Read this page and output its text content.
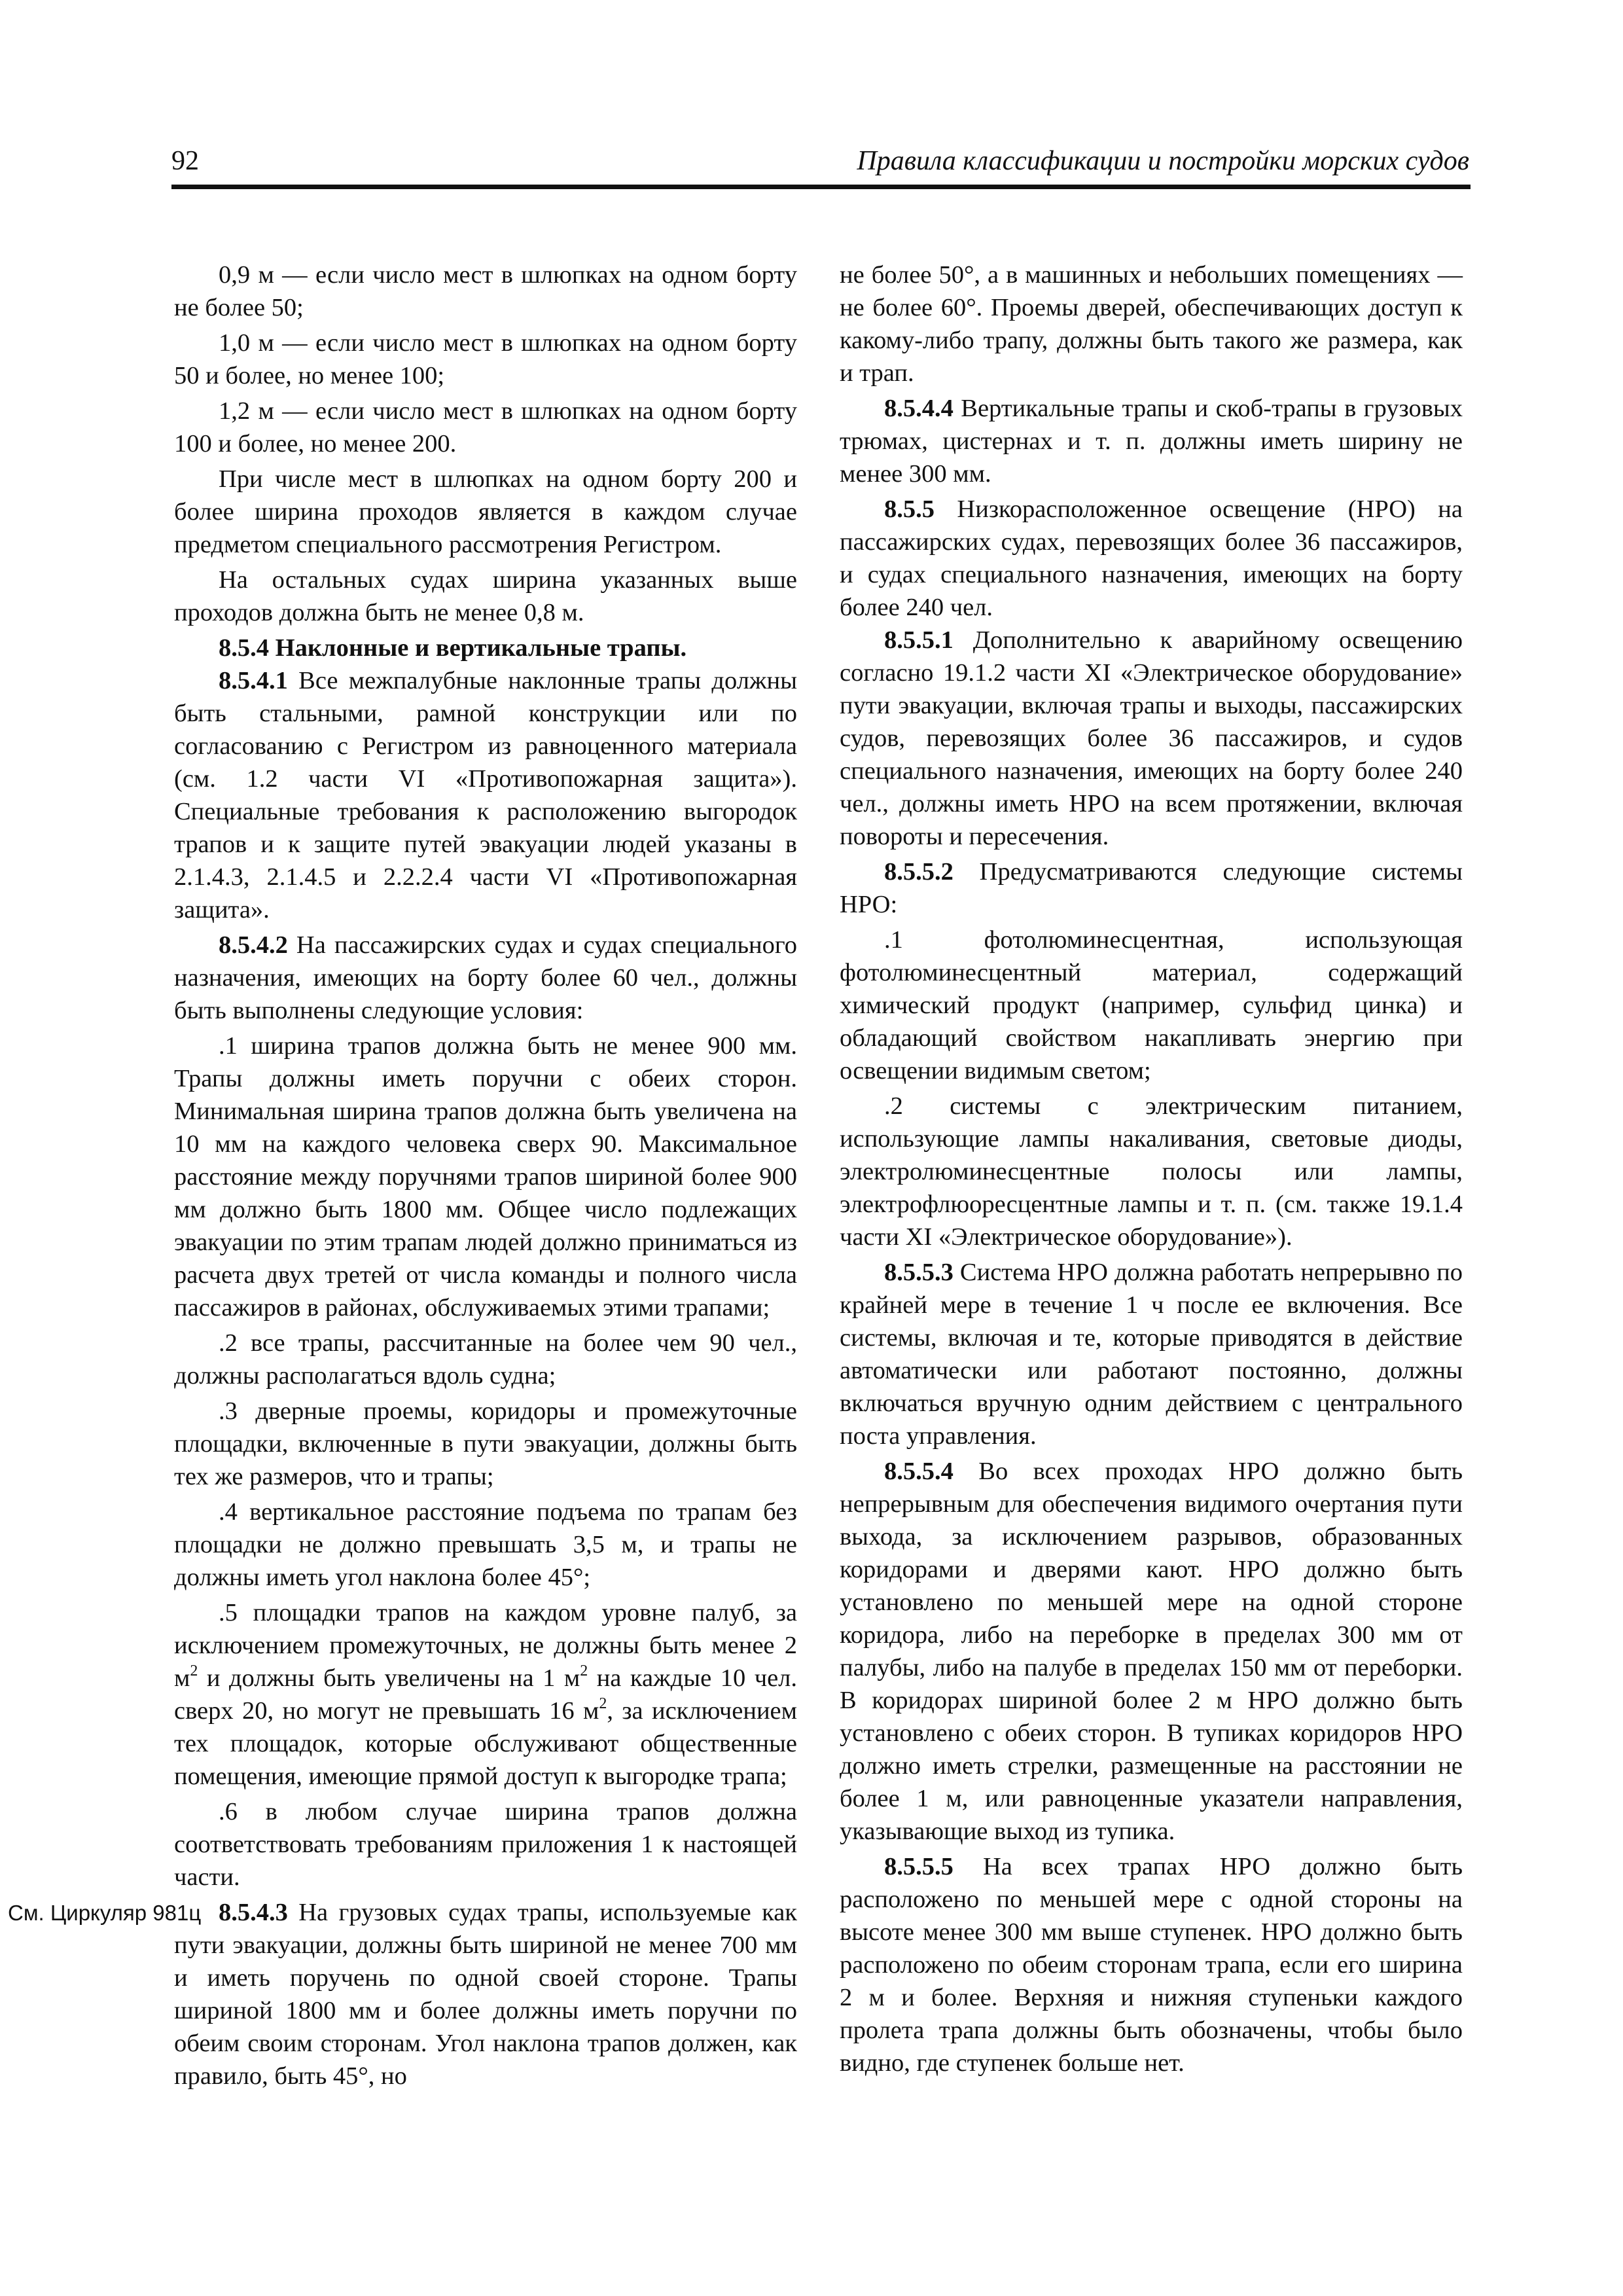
92	Правила классификации и постройки морских судов
См. Циркуляр 981ц

0,9 м — если число мест в шлюпках на одном борту не более 50;

1,0 м — если число мест в шлюпках на одном борту 50 и более, но менее 100;

1,2 м — если число мест в шлюпках на одном борту 100 и более, но менее 200.

При числе мест в шлюпках на одном борту 200 и более ширина проходов является в каждом случае предметом специального рассмотрения Регистром.

На остальных судах ширина указанных выше проходов должна быть не менее 0,8 м.

8.5.4 Наклонные и вертикальные трапы.

8.5.4.1 Все межпалубные наклонные трапы должны быть стальными, рамной конструкции или по согласованию с Регистром из равноценного материала (см. 1.2 части VI «Противопожарная защита»). Специальные требования к расположению выгородок трапов и к защите путей эвакуации людей указаны в 2.1.4.3, 2.1.4.5 и 2.2.2.4 части VI «Противопожарная защита».

8.5.4.2 На пассажирских судах и судах специального назначения, имеющих на борту более 60 чел., должны быть выполнены следующие условия:

.1 ширина трапов должна быть не менее 900 мм. Трапы должны иметь поручни с обеих сторон. Минимальная ширина трапов должна быть увеличена на 10 мм на каждого человека сверх 90. Максимальное расстояние между поручнями трапов шириной более 900 мм должно быть 1800 мм. Общее число подлежащих эвакуации по этим трапам людей должно приниматься из расчета двух третей от числа команды и полного числа пассажиров в районах, обслуживаемых этими трапами;

.2 все трапы, рассчитанные на более чем 90 чел., должны располагаться вдоль судна;

.3 дверные проемы, коридоры и промежуточные площадки, включенные в пути эвакуации, должны быть тех же размеров, что и трапы;

.4 вертикальное расстояние подъема по трапам без площадки не должно превышать 3,5 м, и трапы не должны иметь угол наклона более 45°;

.5 площадки трапов на каждом уровне палуб, за исключением промежуточных, не должны быть менее 2 $м^2$ и должны быть увеличены на 1 $м^2$ на каждые 10 чел. сверх 20, но могут не превышать 16 $м^2$, за исключением тех площадок, которые обслуживают общественные помещения, имеющие прямой доступ к выгородке трапа;

.6 в любом случае ширина трапов должна соответствовать требованиям приложения 1 к настоящей части.

8.5.4.3 На грузовых судах трапы, используемые как пути эвакуации, должны быть шириной не менее 700 мм и иметь поручень по одной своей стороне. Трапы шириной 1800 мм и более должны иметь поручни по обеим своим сторонам. Угол наклона трапов должен, как правило, быть 45°, но

не более 50°, а в машинных и небольших помещениях — не более 60°. Проемы дверей, обеспечивающих доступ к какому-либо трапу, должны быть такого же размера, как и трап.

8.5.4.4 Вертикальные трапы и скоб-трапы в грузовых трюмах, цистернах и т. п. должны иметь ширину не менее 300 мм.

8.5.5 Низкорасположенное освещение (НРО) на пассажирских судах, перевозящих более 36 пассажиров, и судах специального назначения, имеющих на борту более 240 чел.

8.5.5.1 Дополнительно к аварийному освещению согласно 19.1.2 части XI «Электрическое оборудование» пути эвакуации, включая трапы и выходы, пассажирских судов, перевозящих более 36 пассажиров, и судов специального назначения, имеющих на борту более 240 чел., должны иметь НРО на всем протяжении, включая повороты и пересечения.

8.5.5.2 Предусматриваются следующие системы НРО:

.1 фотолюминесцентная, использующая фотолюминесцентный материал, содержащий химический продукт (например, сульфид цинка) и обладающий свойством накапливать энергию при освещении видимым светом;

.2 системы с электрическим питанием, использующие лампы накаливания, световые диоды, электролюминесцентные полосы или лампы, электрофлюоресцентные лампы и т. п. (см. также 19.1.4 части XI «Электрическое оборудование»).

8.5.5.3 Система НРО должна работать непрерывно по крайней мере в течение 1 ч после ее включения. Все системы, включая и те, которые приводятся в действие автоматически или работают постоянно, должны включаться вручную одним действием с центрального поста управления.

8.5.5.4 Во всех проходах НРО должно быть непрерывным для обеспечения видимого очертания пути выхода, за исключением разрывов, образованных коридорами и дверями кают. НРО должно быть установлено по меньшей мере на одной стороне коридора, либо на переборке в пределах 300 мм от палубы, либо на палубе в пределах 150 мм от переборки. В коридорах шириной более 2 м НРО должно быть установлено с обеих сторон. В тупиках коридоров НРО должно иметь стрелки, размещенные на расстоянии не более 1 м, или равноценные указатели направления, указывающие выход из тупика.

8.5.5.5 На всех трапах НРО должно быть расположено по меньшей мере с одной стороны на высоте менее 300 мм выше ступенек. НРО должно быть расположено по обеим сторонам трапа, если его ширина 2 м и более. Верхняя и нижняя ступеньки каждого пролета трапа должны быть обозначены, чтобы было видно, где ступенек больше нет.
